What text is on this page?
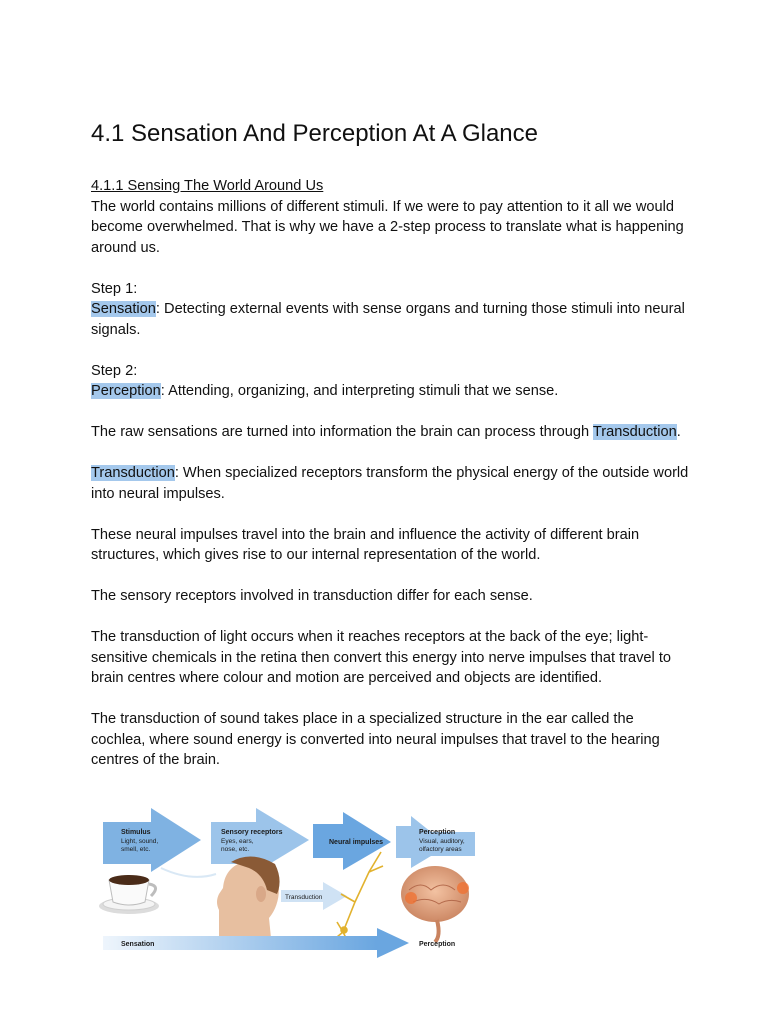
4.1 Sensation And Perception At A Glance

4.1.1 Sensing The World Around Us

The world contains millions of different stimuli. If we were to pay attention to it all we would become overwhelmed. That is why we have a 2-step process to translate what is happening around us.

Step 1:

Sensation: Detecting external events with sense organs and turning those stimuli into neural signals.

Step 2:

Perception: Attending, organizing, and interpreting stimuli that we sense.

The raw sensations are turned into information the brain can process through Transduction.

Transduction: When specialized receptors transform the physical energy of the outside world into neural impulses.

These neural impulses travel into the brain and influence the activity of different brain structures, which gives rise to our internal representation of the world.

The sensory receptors involved in transduction differ for each sense.

The transduction of light occurs when it reaches receptors at the back of the eye; light-sensitive chemicals in the retina then convert this energy into nerve impulses that travel to brain centres where colour and motion are perceived and objects are identified.

The transduction of sound takes place in a specialized structure in the ear called the cochlea, where sound energy is converted into neural impulses that travel to the hearing centres of the brain.

Stimulus
Light, sound,
smell, etc.
Sensory receptors
Eyes, ears,
nose, etc.
Neural impulses
Perception
Visual, auditory,
olfactory areas
Transduction
Sensation	Perception
